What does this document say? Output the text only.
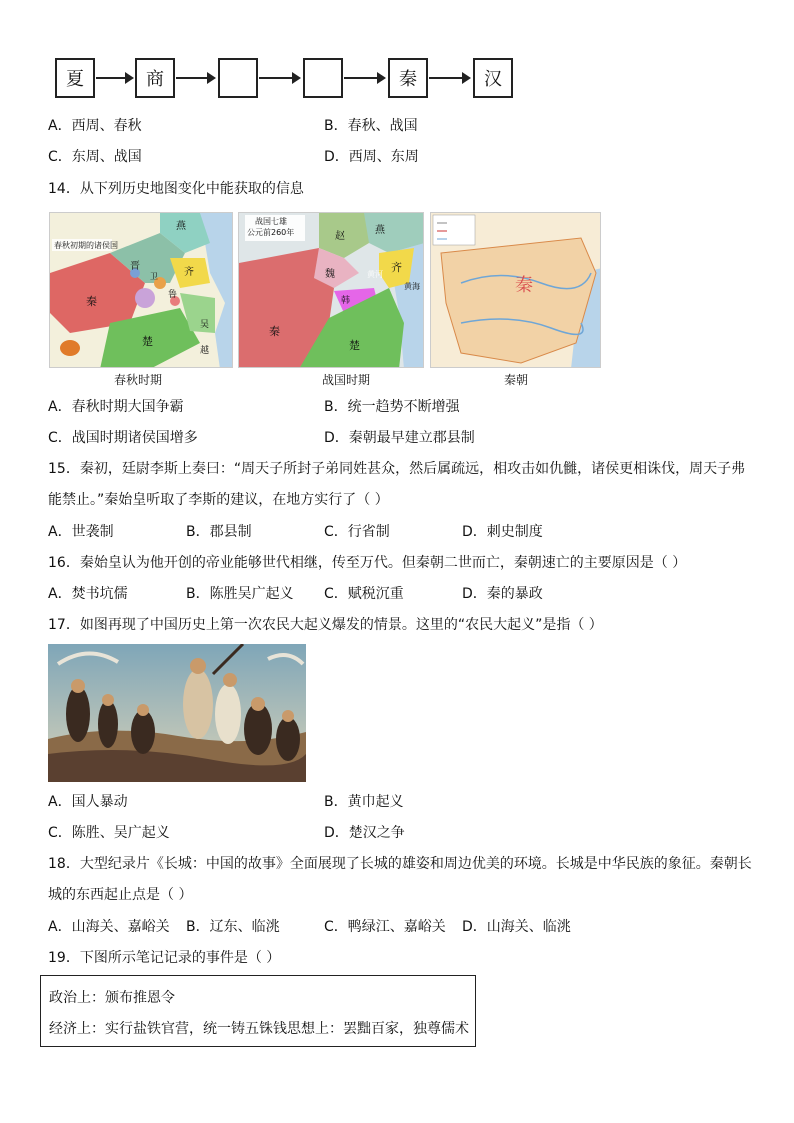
夏	商	秦	汉
A．西周、春秋	B．春秋、战国
C．东周、战国	D．西周、东周
14．从下列历史地图变化中能获取的信息
春秋初期的诸侯国
燕
齐
鲁
晋
秦
楚
吴
越
卫
春秋时期
战国七雄
公元前260年	燕
赵
齐
魏
韩
秦
楚
黄河
黄海
战国时期
秦
秦朝
A．春秋时期大国争霸	B．统一趋势不断增强
C．战国时期诸侯国增多	D．秦朝最早建立郡县制
15．秦初，廷尉李斯上奏曰：“周天子所封子弟同姓甚众，然后属疏远，相攻击如仇雠，诸侯更相诛伐，周天子弗
能禁止。”秦始皇听取了李斯的建议，在地方实行了（ ）
A．世袭制	B．郡县制	C．行省制	D．刺史制度
16．秦始皇认为他开创的帝业能够世代相继，传至万代。但秦朝二世而亡，秦朝速亡的主要原因是（ ）
A．焚书坑儒	B．陈胜吴广起义 C．赋税沉重	D．秦的暴政
17．如图再现了中国历史上第一次农民大起义爆发的情景。这里的“农民大起义”是指（ ）
A．国人暴动	B．黄巾起义
C．陈胜、吴广起义	D．楚汉之争
18．大型纪录片《长城：中国的故事》全面展现了长城的雄姿和周边优美的环境。长城是中华民族的象征。秦朝长
城的东西起止点是（ ）
A．山海关、嘉峪关 B．辽东、临洮	C．鸭绿江、嘉峪关 D．山海关、临洮
19．下图所示笔记记录的事件是（ ）
政治上：颁布推恩令
经济上：实行盐铁官营，统一铸五铢钱思想上：罢黜百家，独尊儒术
